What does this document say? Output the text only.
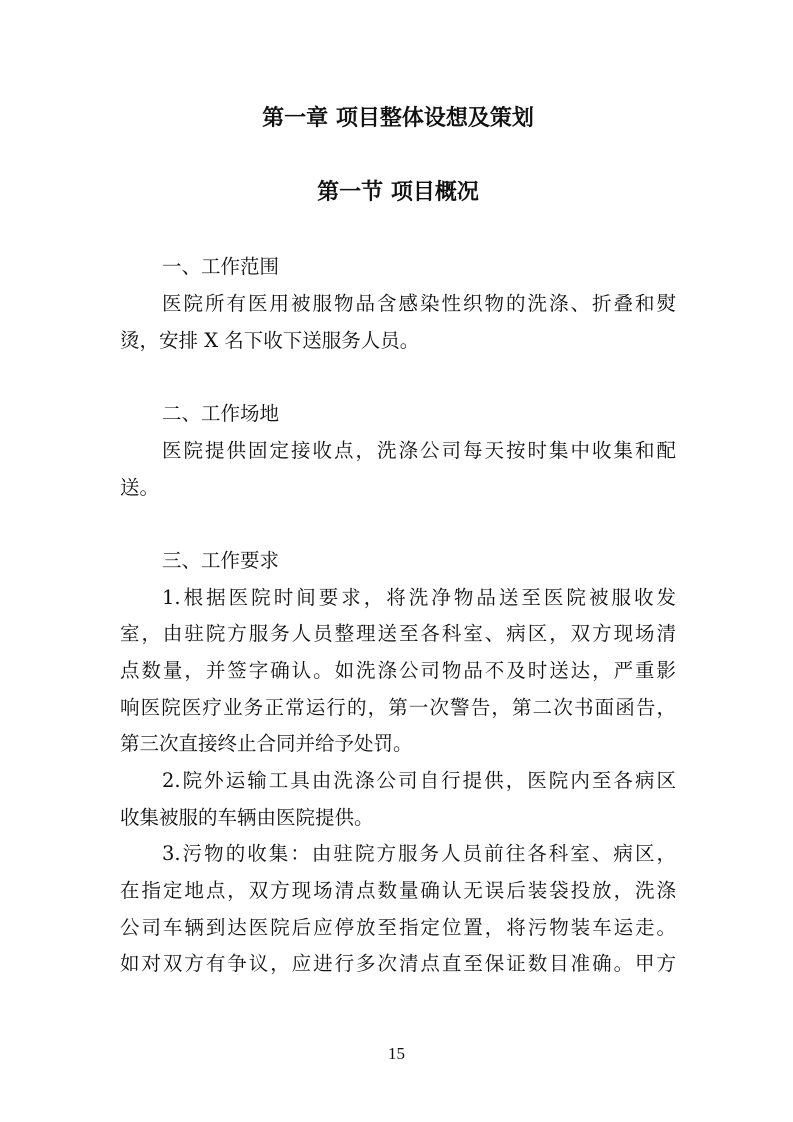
第一章 项目整体设想及策划
第一节 项目概况
一、工作范围
医院所有医用被服物品含感染性织物的洗涤、折叠和熨
烫，安排 X 名下收下送服务人员。
二、工作场地
医院提供固定接收点，洗涤公司每天按时集中收集和配
送。
三、工作要求
1.根据医院时间要求，将洗净物品送至医院被服收发
室，由驻院方服务人员整理送至各科室、病区，双方现场清
点数量，并签字确认。如洗涤公司物品不及时送达，严重影
响医院医疗业务正常运行的，第一次警告，第二次书面函告，
第三次直接终止合同并给予处罚。
2.院外运输工具由洗涤公司自行提供，医院内至各病区
收集被服的车辆由医院提供。
3.污物的收集：由驻院方服务人员前往各科室、病区，
在指定地点，双方现场清点数量确认无误后装袋投放，洗涤
公司车辆到达医院后应停放至指定位置，将污物装车运走。
如对双方有争议，应进行多次清点直至保证数目准确。甲方
15
